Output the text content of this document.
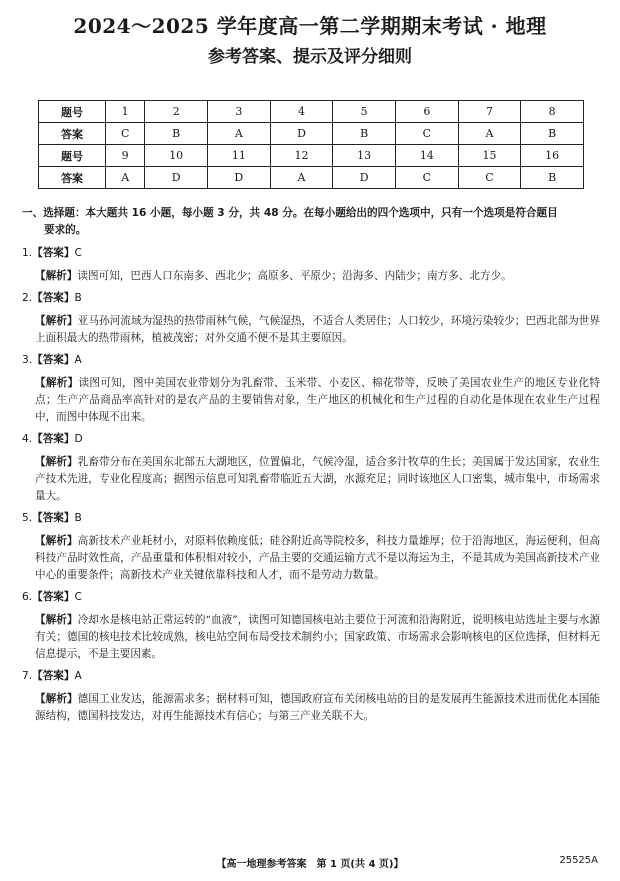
2024～2025 学年度高一第二学期期末考试 · 地理
参考答案、提示及评分细则
题号	1	2	3	4	5	6	7	8
答案	C	B	A	D	B	C	A	B
题号	9	10	11	12	13	14	15	16
答案	A	D	D	A	D	C	C	B
一、选择题：本大题共 16 小题，每小题 3 分，共 48 分。在每小题给出的四个选项中，只有一个选项是符合题目
要求的。
1.【答案】C
【解析】读图可知，巴西人口东南多、西北少；高原多、平原少；沿海多、内陆少；南方多、北方少。
2.【答案】B
【解析】亚马孙河流域为湿热的热带雨林气候，气候湿热，不适合人类居住；人口较少，环境污染较少；巴西北部为世界上面积最大的热带雨林，植被茂密；对外交通不便不是其主要原因。
3.【答案】A
【解析】读图可知，图中美国农业带划分为乳畜带、玉米带、小麦区、棉花带等，反映了美国农业生产的地区专业化特点；生产产品商品率高针对的是农产品的主要销售对象，生产地区的机械化和生产过程的自动化是体现在农业生产过程中，而图中体现不出来。
4.【答案】D
【解析】乳畜带分布在美国东北部五大湖地区，位置偏北，气候冷湿，适合多汁牧草的生长；美国属于发达国家，农业生产技术先进，专业化程度高；据图示信息可知乳畜带临近五大湖，水源充足；同时该地区人口密集，城市集中，市场需求量大。
5.【答案】B
【解析】高新技术产业耗材小，对原料依赖度低；硅谷附近高等院校多，科技力量雄厚；位于沿海地区，海运便利，但高科技产品时效性高，产品重量和体积相对较小，产品主要的交通运输方式不是以海运为主，不是其成为美国高新技术产业中心的重要条件；高新技术产业关键依靠科技和人才，而不是劳动力数量。
6.【答案】C
【解析】冷却水是核电站正常运转的“血液”，读图可知德国核电站主要位于河流和沿海附近，说明核电站选址主要与水源有关；德国的核电技术比较成熟，核电站空间布局受技术制约小；国家政策、市场需求会影响核电的区位选择，但材料无信息提示，不是主要因素。
7.【答案】A
【解析】德国工业发达，能源需求多；据材料可知，德国政府宣布关闭核电站的目的是发展再生能源技术进而优化本国能源结构，德国科技发达，对再生能源技术有信心；与第三产业关联不大。
【高一地理参考答案　第 1 页(共 4 页)】	25525A
